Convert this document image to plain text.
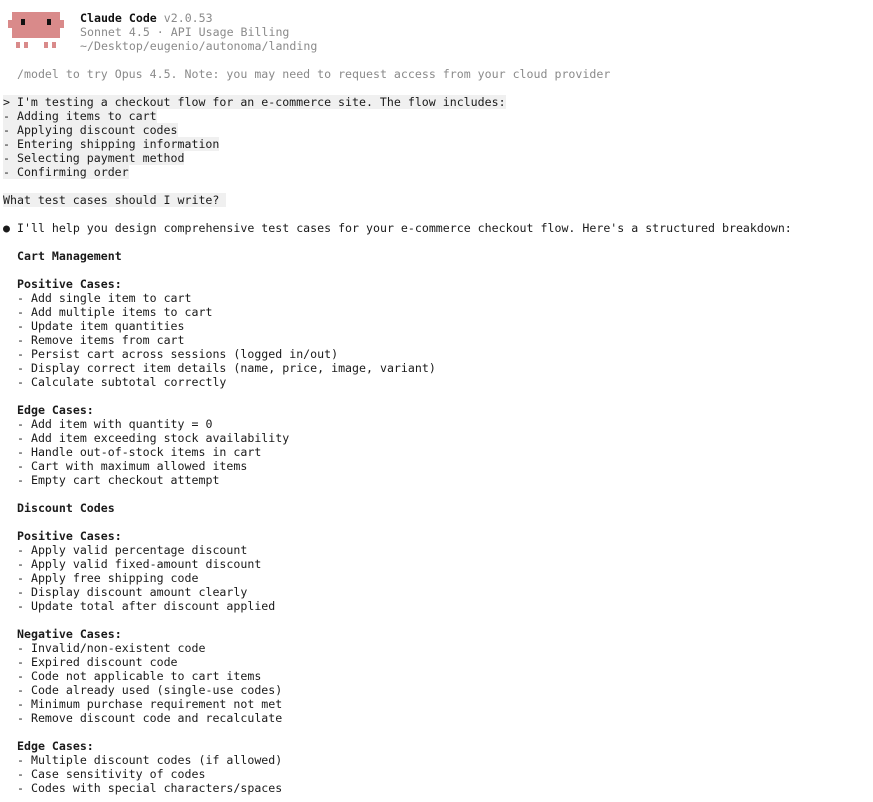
Claude Code v2.0.53
Sonnet 4.5 · API Usage Billing
~/Desktop/eugenio/autonoma/landing
/model to try Opus 4.5. Note: you may need to request access from your cloud provider
> I'm testing a checkout flow for an e-commerce site. The flow includes:
- Adding items to cart
- Applying discount codes
- Entering shipping information
- Selecting payment method
- Confirming order
What test cases should I write?
● I'll help you design comprehensive test cases for your e-commerce checkout flow. Here's a structured breakdown:
Cart Management
Positive Cases:
- Add single item to cart
- Add multiple items to cart
- Update item quantities
- Remove items from cart
- Persist cart across sessions (logged in/out)
- Display correct item details (name, price, image, variant)
- Calculate subtotal correctly
Edge Cases:
- Add item with quantity = 0
- Add item exceeding stock availability
- Handle out-of-stock items in cart
- Cart with maximum allowed items
- Empty cart checkout attempt
Discount Codes
Positive Cases:
- Apply valid percentage discount
- Apply valid fixed-amount discount
- Apply free shipping code
- Display discount amount clearly
- Update total after discount applied
Negative Cases:
- Invalid/non-existent code
- Expired discount code
- Code not applicable to cart items
- Code already used (single-use codes)
- Minimum purchase requirement not met
- Remove discount code and recalculate
Edge Cases:
- Multiple discount codes (if allowed)
- Case sensitivity of codes
- Codes with special characters/spaces
